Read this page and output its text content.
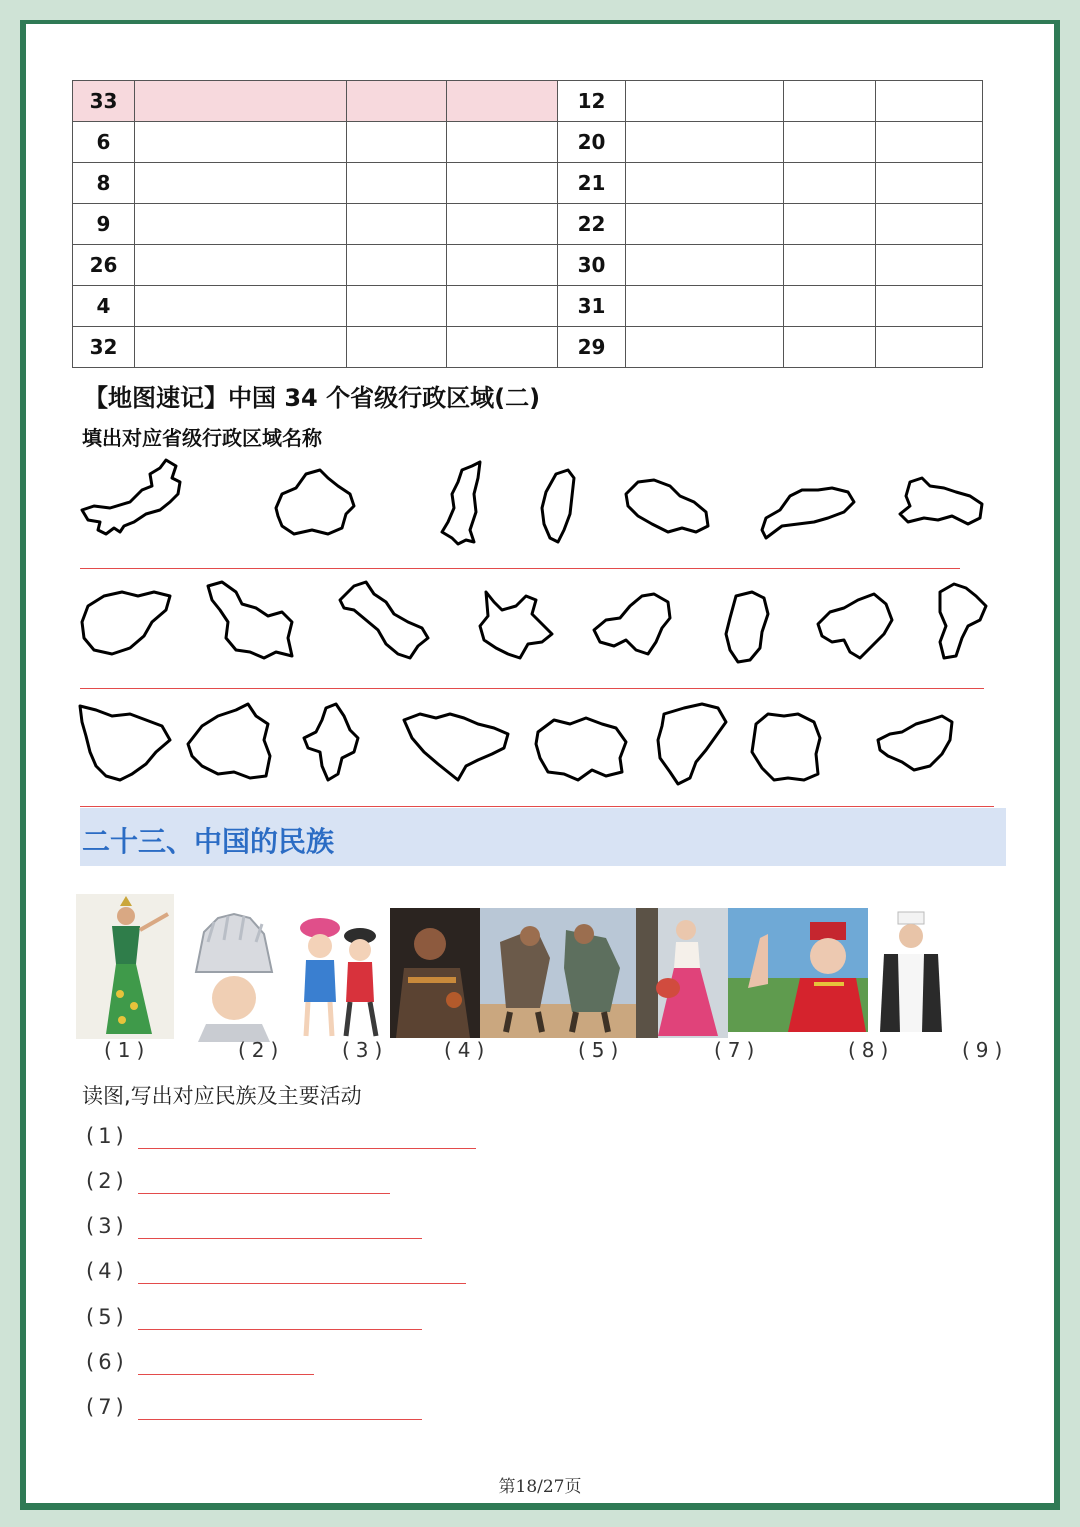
33				12			
6				20			
8				21			
9				22			
26				30			
4				31			
32				29			
【地图速记】中国 34 个省级行政区域(二)
填出对应省级行政区域名称
二十三、中国的民族
(1)	(2)	(3)	(4)	(5)	(7)	(8)	(9)
读图,写出对应民族及主要活动
(1)
(2)
(3)
(4)
(5)
(6)
(7)
第18/27页
